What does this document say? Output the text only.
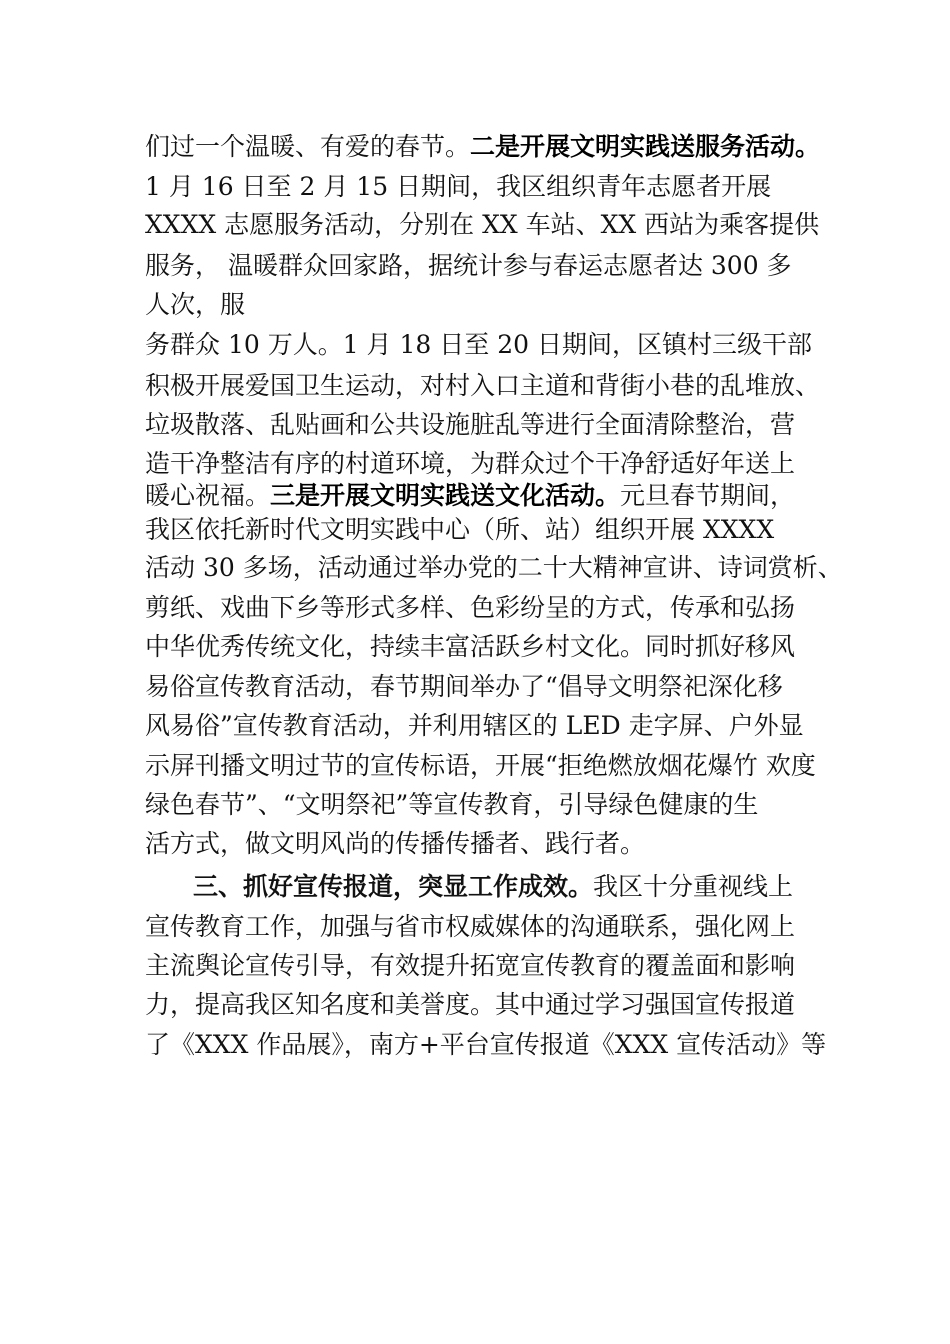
们过一个温暖、有爱的春节。二是开展文明实践送服务活动。
1 月 16 日至 2 月 15 日期间，我区组织青年志愿者开展
XXXX 志愿服务活动，分别在 XX 车站、XX 西站为乘客提供
服务， 温暖群众回家路，据统计参与春运志愿者达 300 多
人次，服
务群众 10 万人。1 月 18 日至 20 日期间，区镇村三级干部
积极开展爱国卫生运动，对村入口主道和背街小巷的乱堆放、
垃圾散落、乱贴画和公共设施脏乱等进行全面清除整治，营
造干净整洁有序的村道环境，为群众过个干净舒适好年送上
暖心祝福。三是开展文明实践送文化活动。元旦春节期间，
我区依托新时代文明实践中心（所、站）组织开展 XXXX
活动 30 多场，活动通过举办党的二十大精神宣讲、诗词赏析、
剪纸、戏曲下乡等形式多样、色彩纷呈的方式，传承和弘扬
中华优秀传统文化，持续丰富活跃乡村文化。同时抓好移风
易俗宣传教育活动，春节期间举办了“倡导文明祭祀深化移
风易俗”宣传教育活动，并利用辖区的 LED 走字屏、户外显
示屏刊播文明过节的宣传标语，开展“拒绝燃放烟花爆竹 欢度
绿色春节”、“文明祭祀”等宣传教育，引导绿色健康的生
活方式，做文明风尚的传播传播者、践行者。
三、抓好宣传报道，突显工作成效。我区十分重视线上
宣传教育工作，加强与省市权威媒体的沟通联系，强化网上
主流舆论宣传引导，有效提升拓宽宣传教育的覆盖面和影响
力，提高我区知名度和美誉度。其中通过学习强国宣传报道
了《XXX 作品展》，南方+平台宣传报道《XXX 宣传活动》等
